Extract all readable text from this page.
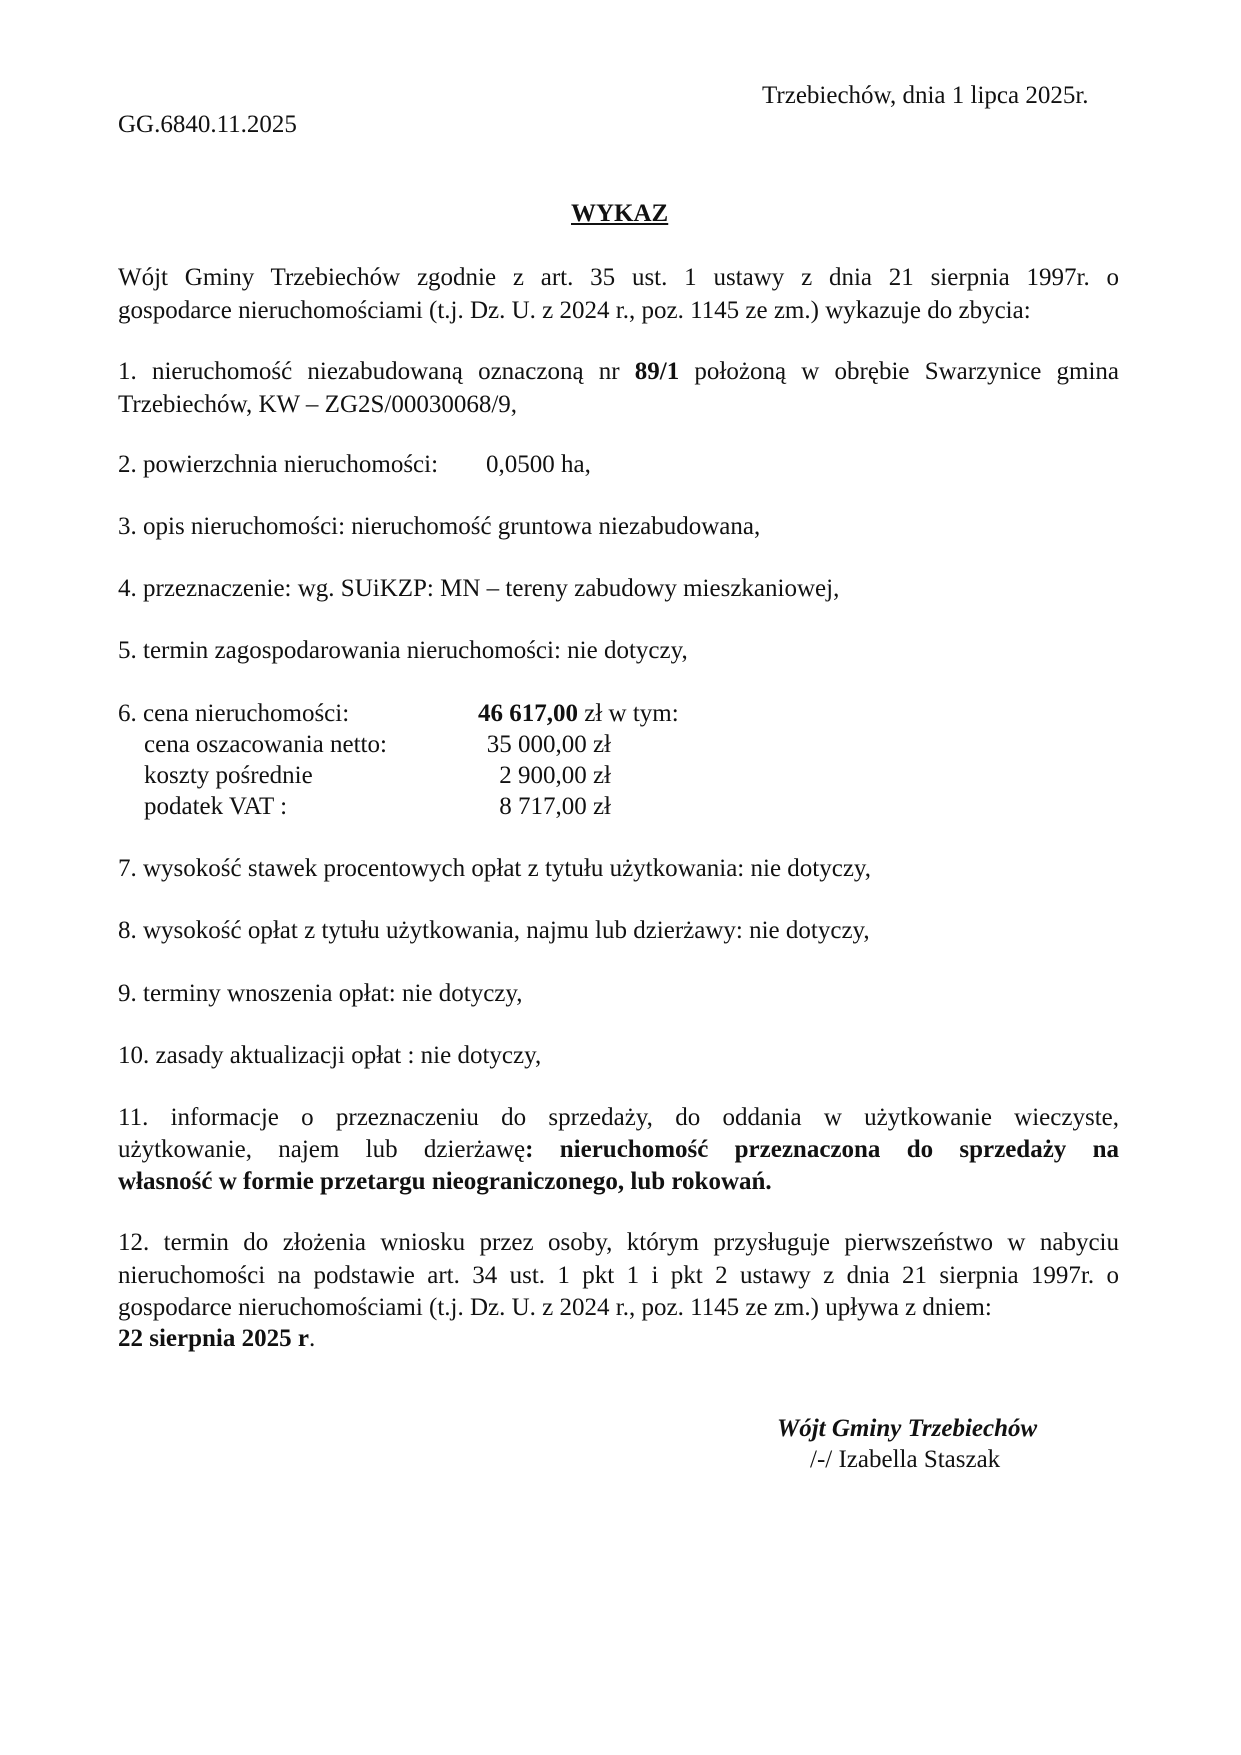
Trzebiechów, dnia 1 lipca 2025r.
GG.6840.11.2025
WYKAZ
Wójt Gminy Trzebiechów zgodnie z art. 35 ust. 1 ustawy z dnia 21 sierpnia 1997r. o
gospodarce nieruchomościami (t.j. Dz. U. z 2024 r., poz. 1145 ze zm.) wykazuje do zbycia:
1. nieruchomość niezabudowaną oznaczoną nr 89/1 położoną w obrębie Swarzynice gmina
Trzebiechów, KW – ZG2S/00030068/9,
2. powierzchnia nieruchomości: 0,0500 ha,
3. opis nieruchomości: nieruchomość gruntowa niezabudowana,
4. przeznaczenie: wg. SUiKZP: MN – tereny zabudowy mieszkaniowej,
5. termin zagospodarowania nieruchomości: nie dotyczy,
6. cena nieruchomości:	46 617,00 zł w tym:
cena oszacowania netto:	35 000,00 zł
koszty pośrednie	2 900,00 zł
podatek VAT :	8 717,00 zł
7. wysokość stawek procentowych opłat z tytułu użytkowania: nie dotyczy,
8. wysokość opłat z tytułu użytkowania, najmu lub dzierżawy: nie dotyczy,
9. terminy wnoszenia opłat: nie dotyczy,
10. zasady aktualizacji opłat : nie dotyczy,
11. informacje o przeznaczeniu do sprzedaży, do oddania w użytkowanie wieczyste,
użytkowanie, najem lub dzierżawę: nieruchomość przeznaczona do sprzedaży na
własność w formie przetargu nieograniczonego, lub rokowań.
12. termin do złożenia wniosku przez osoby, którym przysługuje pierwszeństwo w nabyciu
nieruchomości na podstawie art. 34 ust. 1 pkt 1 i pkt 2 ustawy z dnia 21 sierpnia 1997r. o
gospodarce nieruchomościami (t.j. Dz. U. z 2024 r., poz. 1145 ze zm.) upływa z dniem:
22 sierpnia 2025 r.
Wójt Gminy Trzebiechów
/-/ Izabella Staszak
